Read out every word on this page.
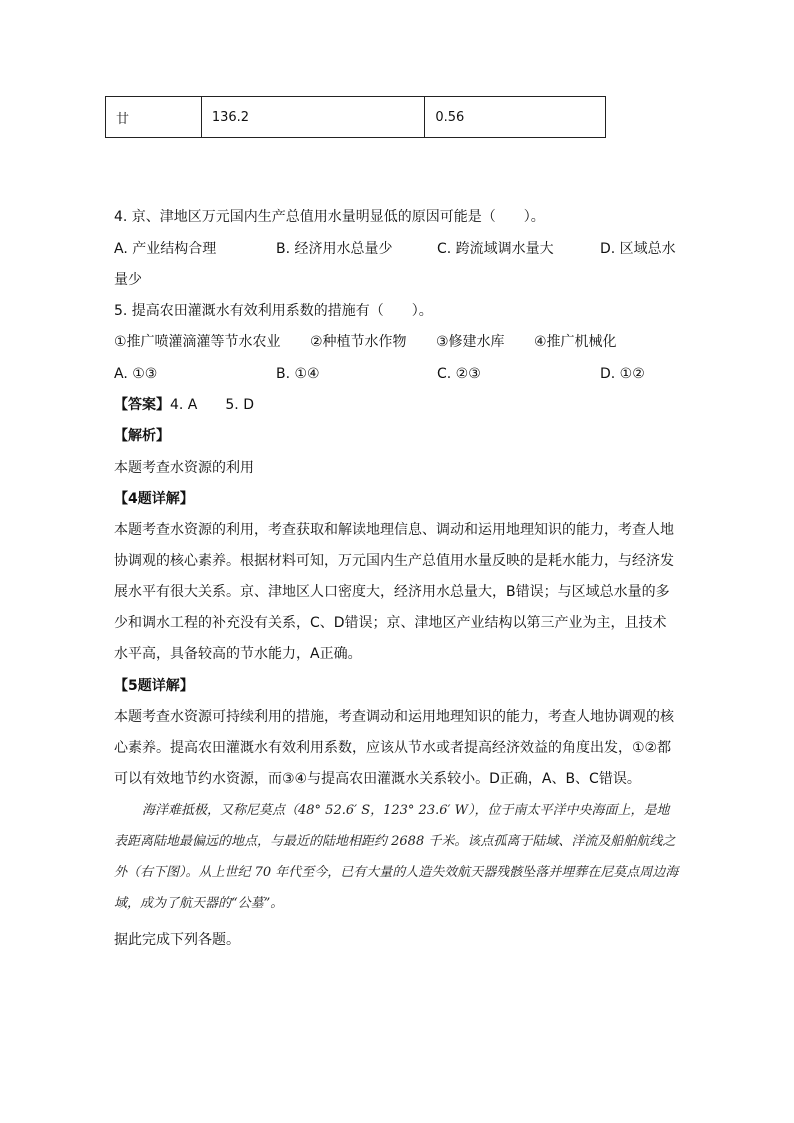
廿	136.2	0.56
4. 京、津地区万元国内生产总值用水量明显低的原因可能是（　　）。
A. 产业结构合理	B. 经济用水总量少	C. 跨流域调水量大	D. 区域总水
量少
5. 提高农田灌溉水有效利用系数的措施有（　　）。
①推广喷灌滴灌等节水农业 ②种植节水作物 ③修建水库 ④推广机械化
A. ①③	B. ①④	C. ②③	D. ①②
【答案】4. A　　5. D
【解析】
本题考查水资源的利用
【4题详解】
本题考查水资源的利用，考查获取和解读地理信息、调动和运用地理知识的能力，考查人地协调观的核心素养。根据材料可知，万元国内生产总值用水量反映的是耗水能力，与经济发展水平有很大关系。京、津地区人口密度大，经济用水总量大，B错误；与区域总水量的多少和调水工程的补充没有关系，C、D错误；京、津地区产业结构以第三产业为主，且技术水平高，具备较高的节水能力，A正确。
【5题详解】
本题考查水资源可持续利用的措施，考查调动和运用地理知识的能力，考查人地协调观的核心素养。提高农田灌溉水有效利用系数，应该从节水或者提高经济效益的角度出发，①②都可以有效地节约水资源，而③④与提高农田灌溉水关系较小。D正确，A、B、C错误。
海洋难抵极，又称尼莫点（48° 52.6′ S，123° 23.6′ W），位于南太平洋中央海面上，是地表距离陆地最偏远的地点，与最近的陆地相距约 2688 千米。该点孤离于陆域、洋流及船舶航线之外（右下图）。从上世纪 70 年代至今，已有大量的人造失效航天器残骸坠落并埋葬在尼莫点周边海域，成为了航天器的“公墓”。
据此完成下列各题。
